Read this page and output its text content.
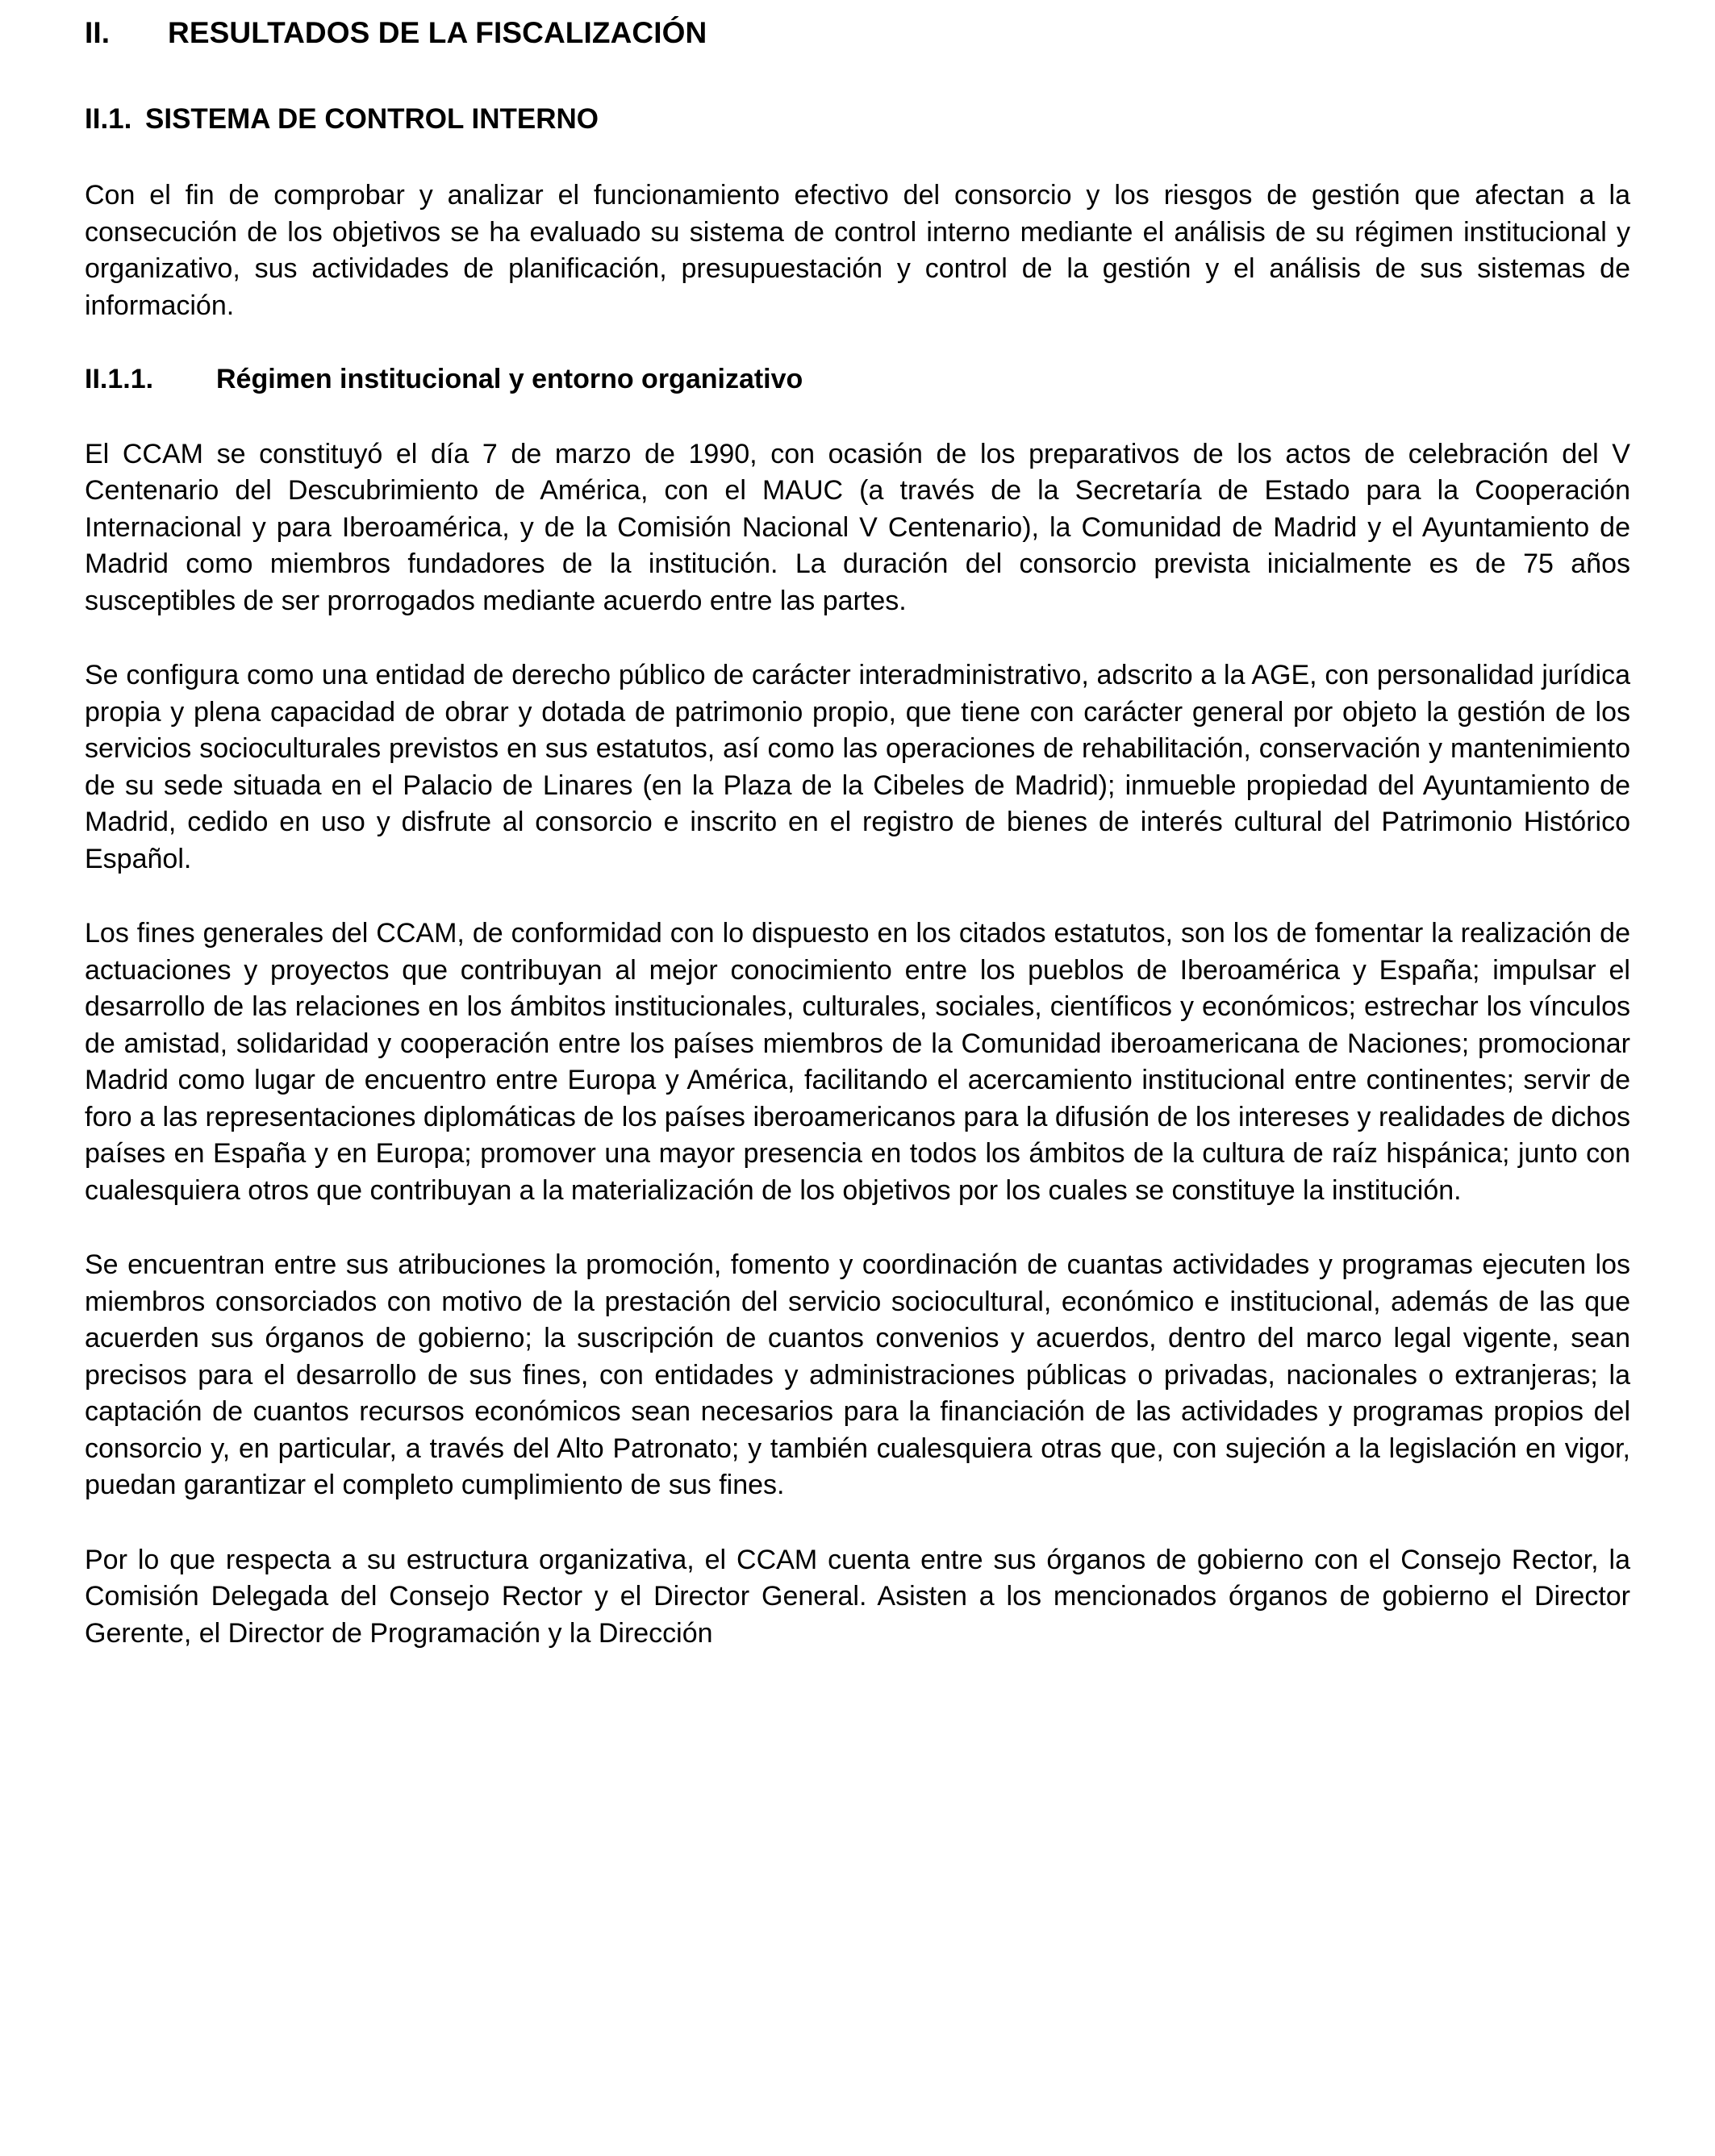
II.	RESULTADOS DE LA FISCALIZACIÓN
II.1. SISTEMA DE CONTROL INTERNO

Con el fin de comprobar y analizar el funcionamiento efectivo del consorcio y los riesgos de gestión que afectan a la consecución de los objetivos se ha evaluado su sistema de control interno mediante el análisis de su régimen institucional y organizativo, sus actividades de planificación, presupuestación y control de la gestión y el análisis de sus sistemas de información.

II.1.1.	Régimen institucional y entorno organizativo

El CCAM se constituyó el día 7 de marzo de 1990, con ocasión de los preparativos de los actos de celebración del V Centenario del Descubrimiento de América, con el MAUC (a través de la Secretaría de Estado para la Cooperación Internacional y para Iberoamérica, y de la Comisión Nacional V Centenario), la Comunidad de Madrid y el Ayuntamiento de Madrid como miembros fundadores de la institución. La duración del consorcio prevista inicialmente es de 75 años susceptibles de ser prorrogados mediante acuerdo entre las partes.

Se configura como una entidad de derecho público de carácter interadministrativo, adscrito a la AGE, con personalidad jurídica propia y plena capacidad de obrar y dotada de patrimonio propio, que tiene con carácter general por objeto la gestión de los servicios socioculturales previstos en sus estatutos, así como las operaciones de rehabilitación, conservación y mantenimiento de su sede situada en el Palacio de Linares (en la Plaza de la Cibeles de Madrid); inmueble propiedad del Ayuntamiento de Madrid, cedido en uso y disfrute al consorcio e inscrito en el registro de bienes de interés cultural del Patrimonio Histórico Español.

Los fines generales del CCAM, de conformidad con lo dispuesto en los citados estatutos, son los de fomentar la realización de actuaciones y proyectos que contribuyan al mejor conocimiento entre los pueblos de Iberoamérica y España; impulsar el desarrollo de las relaciones en los ámbitos institucionales, culturales, sociales, científicos y económicos; estrechar los vínculos de amistad, solidaridad y cooperación entre los países miembros de la Comunidad iberoamericana de Naciones; promocionar Madrid como lugar de encuentro entre Europa y América, facilitando el acercamiento institucional entre continentes; servir de foro a las representaciones diplomáticas de los países iberoamericanos para la difusión de los intereses y realidades de dichos países en España y en Europa; promover una mayor presencia en todos los ámbitos de la cultura de raíz hispánica; junto con cualesquiera otros que contribuyan a la materialización de los objetivos por los cuales se constituye la institución.

Se encuentran entre sus atribuciones la promoción, fomento y coordinación de cuantas actividades y programas ejecuten los miembros consorciados con motivo de la prestación del servicio sociocultural, económico e institucional, además de las que acuerden sus órganos de gobierno; la suscripción de cuantos convenios y acuerdos, dentro del marco legal vigente, sean precisos para el desarrollo de sus fines, con entidades y administraciones públicas o privadas, nacionales o extranjeras; la captación de cuantos recursos económicos sean necesarios para la financiación de las actividades y programas propios del consorcio y, en particular, a través del Alto Patronato; y también cualesquiera otras que, con sujeción a la legislación en vigor, puedan garantizar el completo cumplimiento de sus fines.

Por lo que respecta a su estructura organizativa, el CCAM cuenta entre sus órganos de gobierno con el Consejo Rector, la Comisión Delegada del Consejo Rector y el Director General. Asisten a los mencionados órganos de gobierno el Director Gerente, el Director de Programación y la Dirección
